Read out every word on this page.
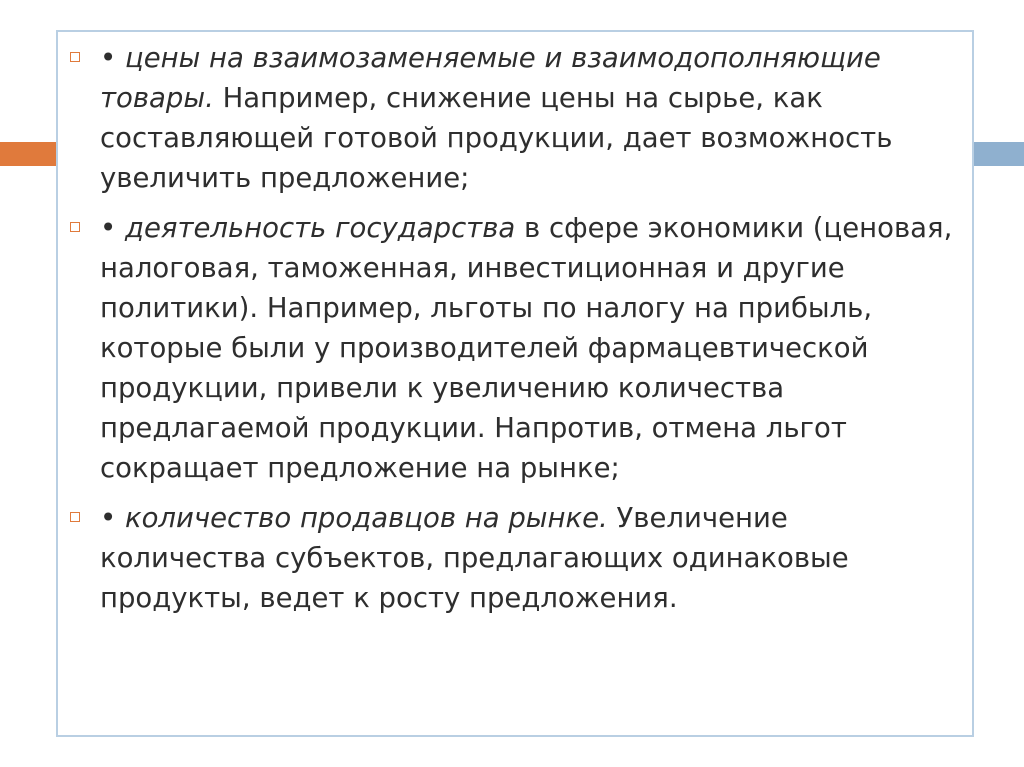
• цены на взаимозаменяемые и взаимодополняющие товары. Например, снижение цены на сырье, как составляющей готовой продукции, дает возможность увеличить предложение;
• деятельность государства в сфере экономики (ценовая, налоговая, таможенная, инвестиционная и другие политики). Например, льготы по налогу на прибыль, которые были у производителей фармацевтической продукции, привели к увеличению количества предлагаемой продукции. Напротив, отмена льгот сокращает предложение на рынке;
• количество продавцов на рынке. Увеличение количества субъектов, предлагающих одинаковые продукты, ведет к росту предложения.
